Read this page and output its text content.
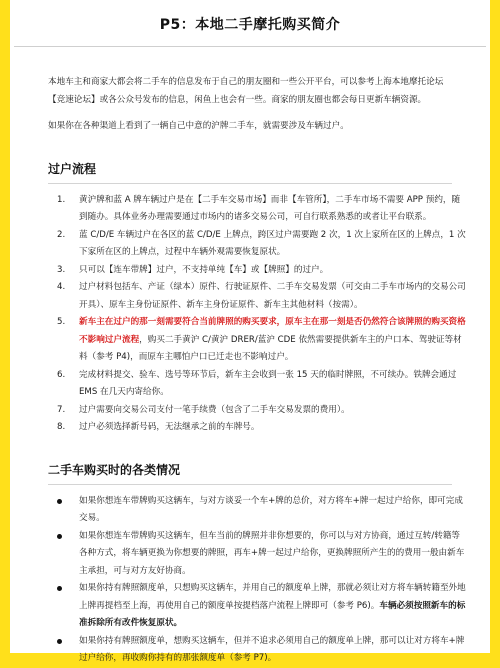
P5：本地二手摩托购买简介

本地车主和商家大都会将二手车的信息发布于自己的朋友圈和一些公开平台，可以参考上海本地摩托论坛【竞速论坛】或各公众号发布的信息，闲鱼上也会有一些。商家的朋友圈也都会每日更新车辆资源。

如果你在各种渠道上看到了一辆自己中意的沪牌二手车，就需要涉及车辆过户。

过户流程
1. 黄沪牌和蓝 A 牌车辆过户是在【二手车交易市场】而非【车管所】，二手车市场不需要 APP 预约，随到随办。具体业务办理需要通过市场内的诸多交易公司，可自行联系熟悉的或者让平台联系。
2. 蓝 C/D/E 车辆过户在各区的蓝 C/D/E 上牌点，跨区过户需要跑 2 次，1 次上家所在区的上牌点，1 次下家所在区的上牌点，过程中车辆外观需要恢复原状。
3. 只可以【连车带牌】过户，不支持单纯【车】或【牌照】的过户。
4. 过户材料包括车、产证（绿本）原件、行驶证原件、二手车交易发票（可交由二手车市场内的交易公司开具）、原车主身份证原件、新车主身份证原件、新车主其他材料（按需）。
5. 新车主在过户的那一刻需要符合当前牌照的购买要求，原车主在那一刻是否仍然符合该牌照的购买资格不影响过户流程，购买二手黄沪 C/黄沪 DRER/蓝沪 CDE 依然需要提供新车主的户口本、驾驶证等材料（参考 P4)，而原车主哪怕户口已迁走也不影响过户。
6. 完成材料提交、验车、选号等环节后，新车主会收到一张 15 天的临时牌照，不可续办。铁牌会通过 EMS 在几天内寄给你。
7. 过户需要向交易公司支付一笔手续费（包含了二手车交易发票的费用）。
8. 过户必须选择新号码，无法继承之前的车牌号。
二手车购买时的各类情况
如果你想连车带牌购买这辆车，与对方谈妥一个车+牌的总价，对方将车+牌一起过户给你，即可完成交易。
如果你想连车带牌购买这辆车，但车当前的牌照并非你想要的，你可以与对方协商，通过互转/转籍等各种方式，将车辆更换为你想要的牌照，再车+牌一起过户给你，更换牌照所产生的的费用一般由新车主承担，可与对方友好协商。
如果你持有牌照额度单，只想购买这辆车，并用自己的额度单上牌，那就必须让对方将车辆转籍至外地上牌再提档至上海，再使用自己的额度单按提档落户流程上牌即可（参考 P6)。车辆必须按照新车的标准拆除所有改件恢复原状。
如果你持有牌照额度单，想购买这辆车，但并不追求必须用自己的额度单上牌，那可以让对方将车+牌过户给你，再收购你持有的那张额度单（参考 P7)。
